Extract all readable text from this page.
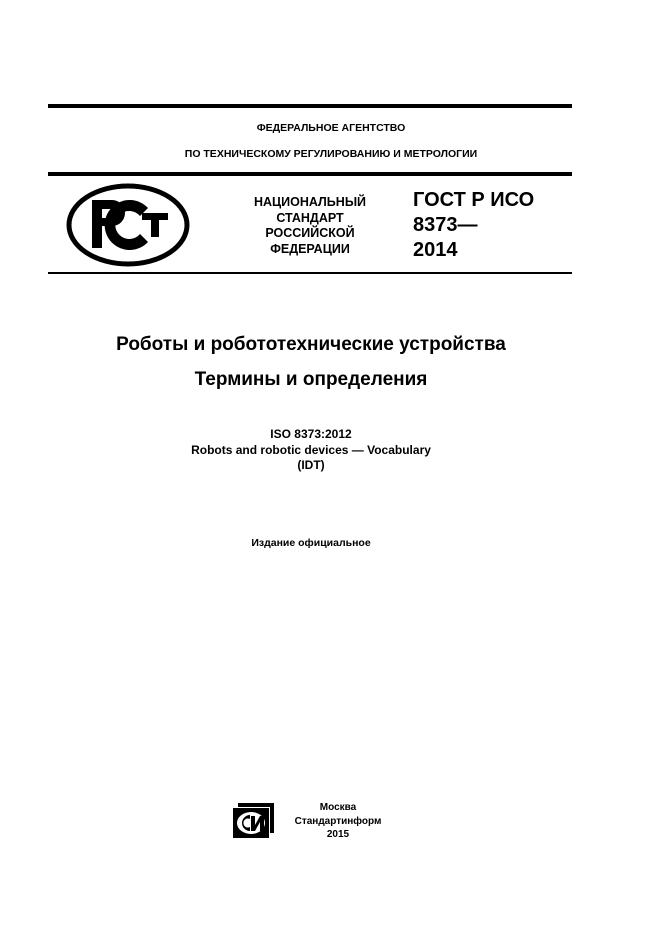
ФЕДЕРАЛЬНОЕ АГЕНТСТВО
ПО ТЕХНИЧЕСКОМУ РЕГУЛИРОВАНИЮ И МЕТРОЛОГИИ
НАЦИОНАЛЬНЫЙ
СТАНДАРТ
РОССИЙСКОЙ
ФЕДЕРАЦИИ
ГОСТ Р ИСО
8373—
2014
Роботы и робототехнические устройства
Термины и определения
ISO 8373:2012
Robots and robotic devices — Vocabulary
(IDT)
Издание официальное
Москва
Стандартинформ
2015
